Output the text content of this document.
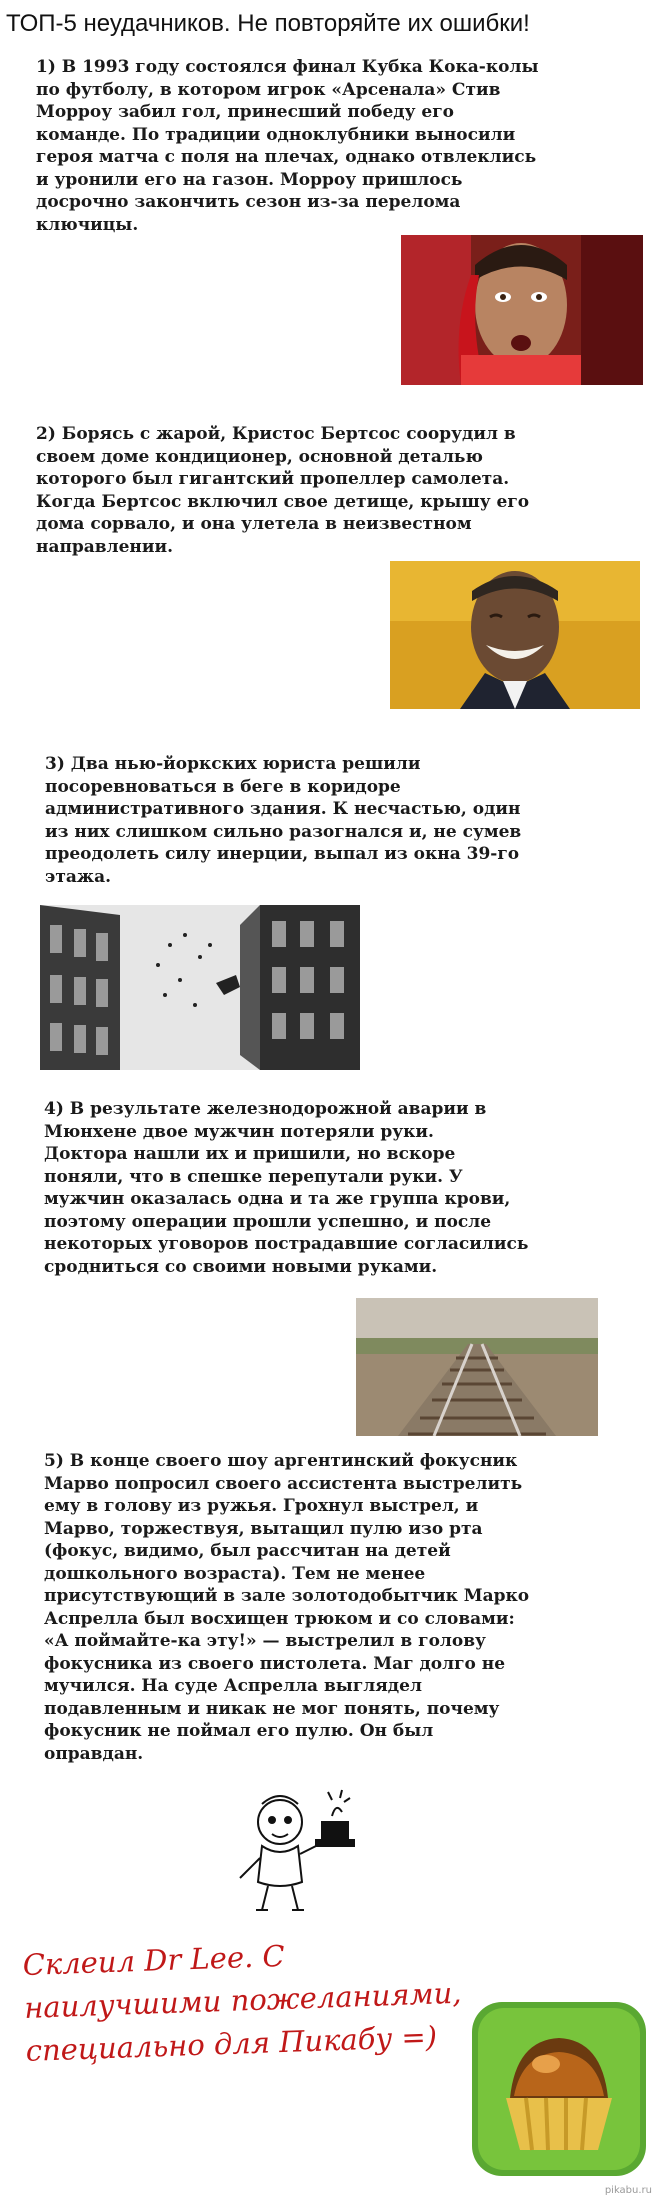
ТОП-5 неудачников. Не повторяйте их ошибки!
1) В 1993 году состоялся финал Кубка Кока-колы
по футболу, в котором игрок «Арсенала» Стив
Морроу забил гол, принесший победу его
команде. По традиции одноклубники выносили
героя матча с поля на плечах, однако отвлеклись
и уронили его на газон. Морроу пришлось
досрочно закончить сезон из-за перелома
ключицы.
2) Борясь с жарой, Кристос Бертсос соорудил в
своем доме кондиционер, основной деталью
которого был гигантский пропеллер самолета.
Когда Бертсос включил свое детище, крышу его
дома сорвало, и она улетела в неизвестном
направлении.
3) Два нью-йоркских юриста решили
посоревноваться в беге в коридоре
административного здания. К несчастью, один
из них слишком сильно разогнался и, не сумев
преодолеть силу инерции, выпал из окна 39-го
этажа.
4) В результате железнодорожной аварии в
Мюнхене двое мужчин потеряли руки.
Доктора нашли их и пришили, но вскоре
поняли, что в спешке перепутали руки. У
мужчин оказалась одна и та же группа крови,
поэтому операции прошли успешно, и после
некоторых уговоров пострадавшие согласились
сродниться со своими новыми руками.
5) В конце своего шоу аргентинский фокусник
Марво попросил своего ассистента выстрелить
ему в голову из ружья. Грохнул выстрел, и
Марво, торжествуя, вытащил пулю изо рта
(фокус, видимо, был рассчитан на детей
дошкольного возраста). Тем не менее
присутствующий в зале золотодобытчик Марко
Аспрелла был восхищен трюком и со словами:
«А поймайте-ка эту!» — выстрелил в голову
фокусника из своего пистолета. Маг долго не
мучился. На суде Аспрелла выглядел
подавленным и никак не мог понять, почему
фокусник не поймал его пулю. Он был
оправдан.
Склеил Dr Lee. С
наилучшими пожеланиями,
специально для Пикабу =)
pikabu.ru
